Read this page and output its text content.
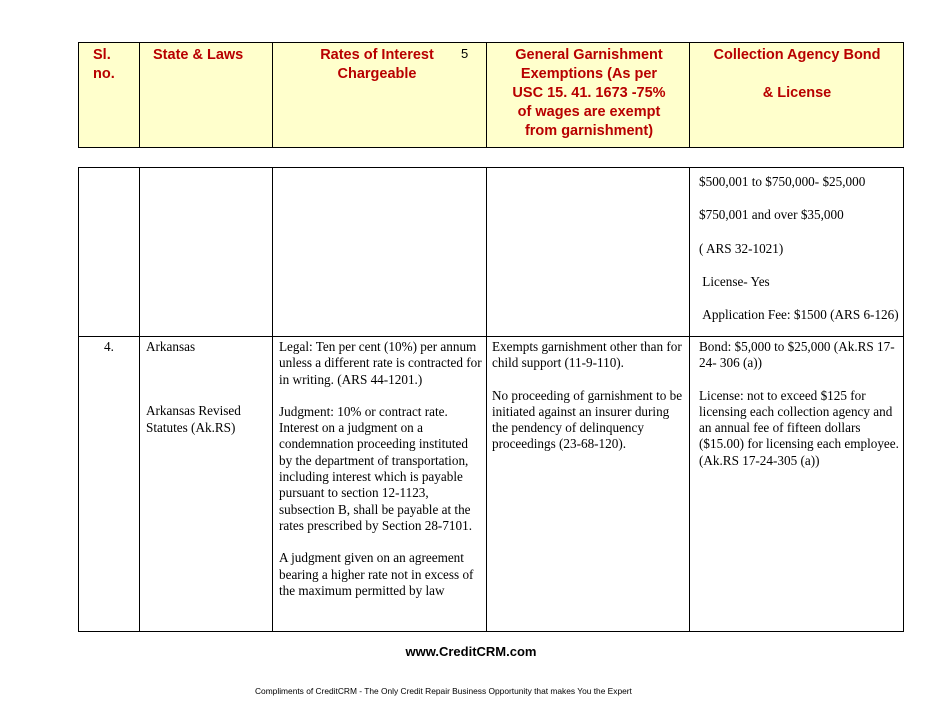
Sl.
no.
State & Laws	Rates of Interest
Chargeable
5	General Garnishment
Exemptions (As per
USC 15. 41. 1673 -75%
of wages are exempt
from garnishment)
Collection Agency Bond
& License

$500,001 to $750,000- $25,000

$750,001 and over $35,000

( ARS 32-1021)

License- Yes

Application Fee: $1500 (ARS 6-126)

4. Arkansas

Arkansas Revised Statutes (Ak.RS)

Legal: Ten per cent (10%) per annum unless a different rate is contracted for in writing. (ARS 44-1201.)

Judgment: 10% or contract rate. Interest on a judgment on a condemnation proceeding instituted by the department of transportation, including interest which is payable pursuant to section 12-1123, subsection B, shall be payable at the rates prescribed by Section 28-7101.

A judgment given on an agreement bearing a higher rate not in excess of the maximum permitted by law

Exempts garnishment other than for child support (11-9-110).

No proceeding of garnishment to be initiated against an insurer during the pendency of delinquency proceedings (23-68-120).

Bond: $5,000 to $25,000 (Ak.RS 17-24- 306 (a))

License: not to exceed $125 for licensing each collection agency and an annual fee of fifteen dollars ($15.00) for licensing each employee. (Ak.RS 17-24-305 (a))

www.CreditCRM.com
Compliments of CreditCRM - The Only Credit Repair Business Opportunity that makes You the Expert
